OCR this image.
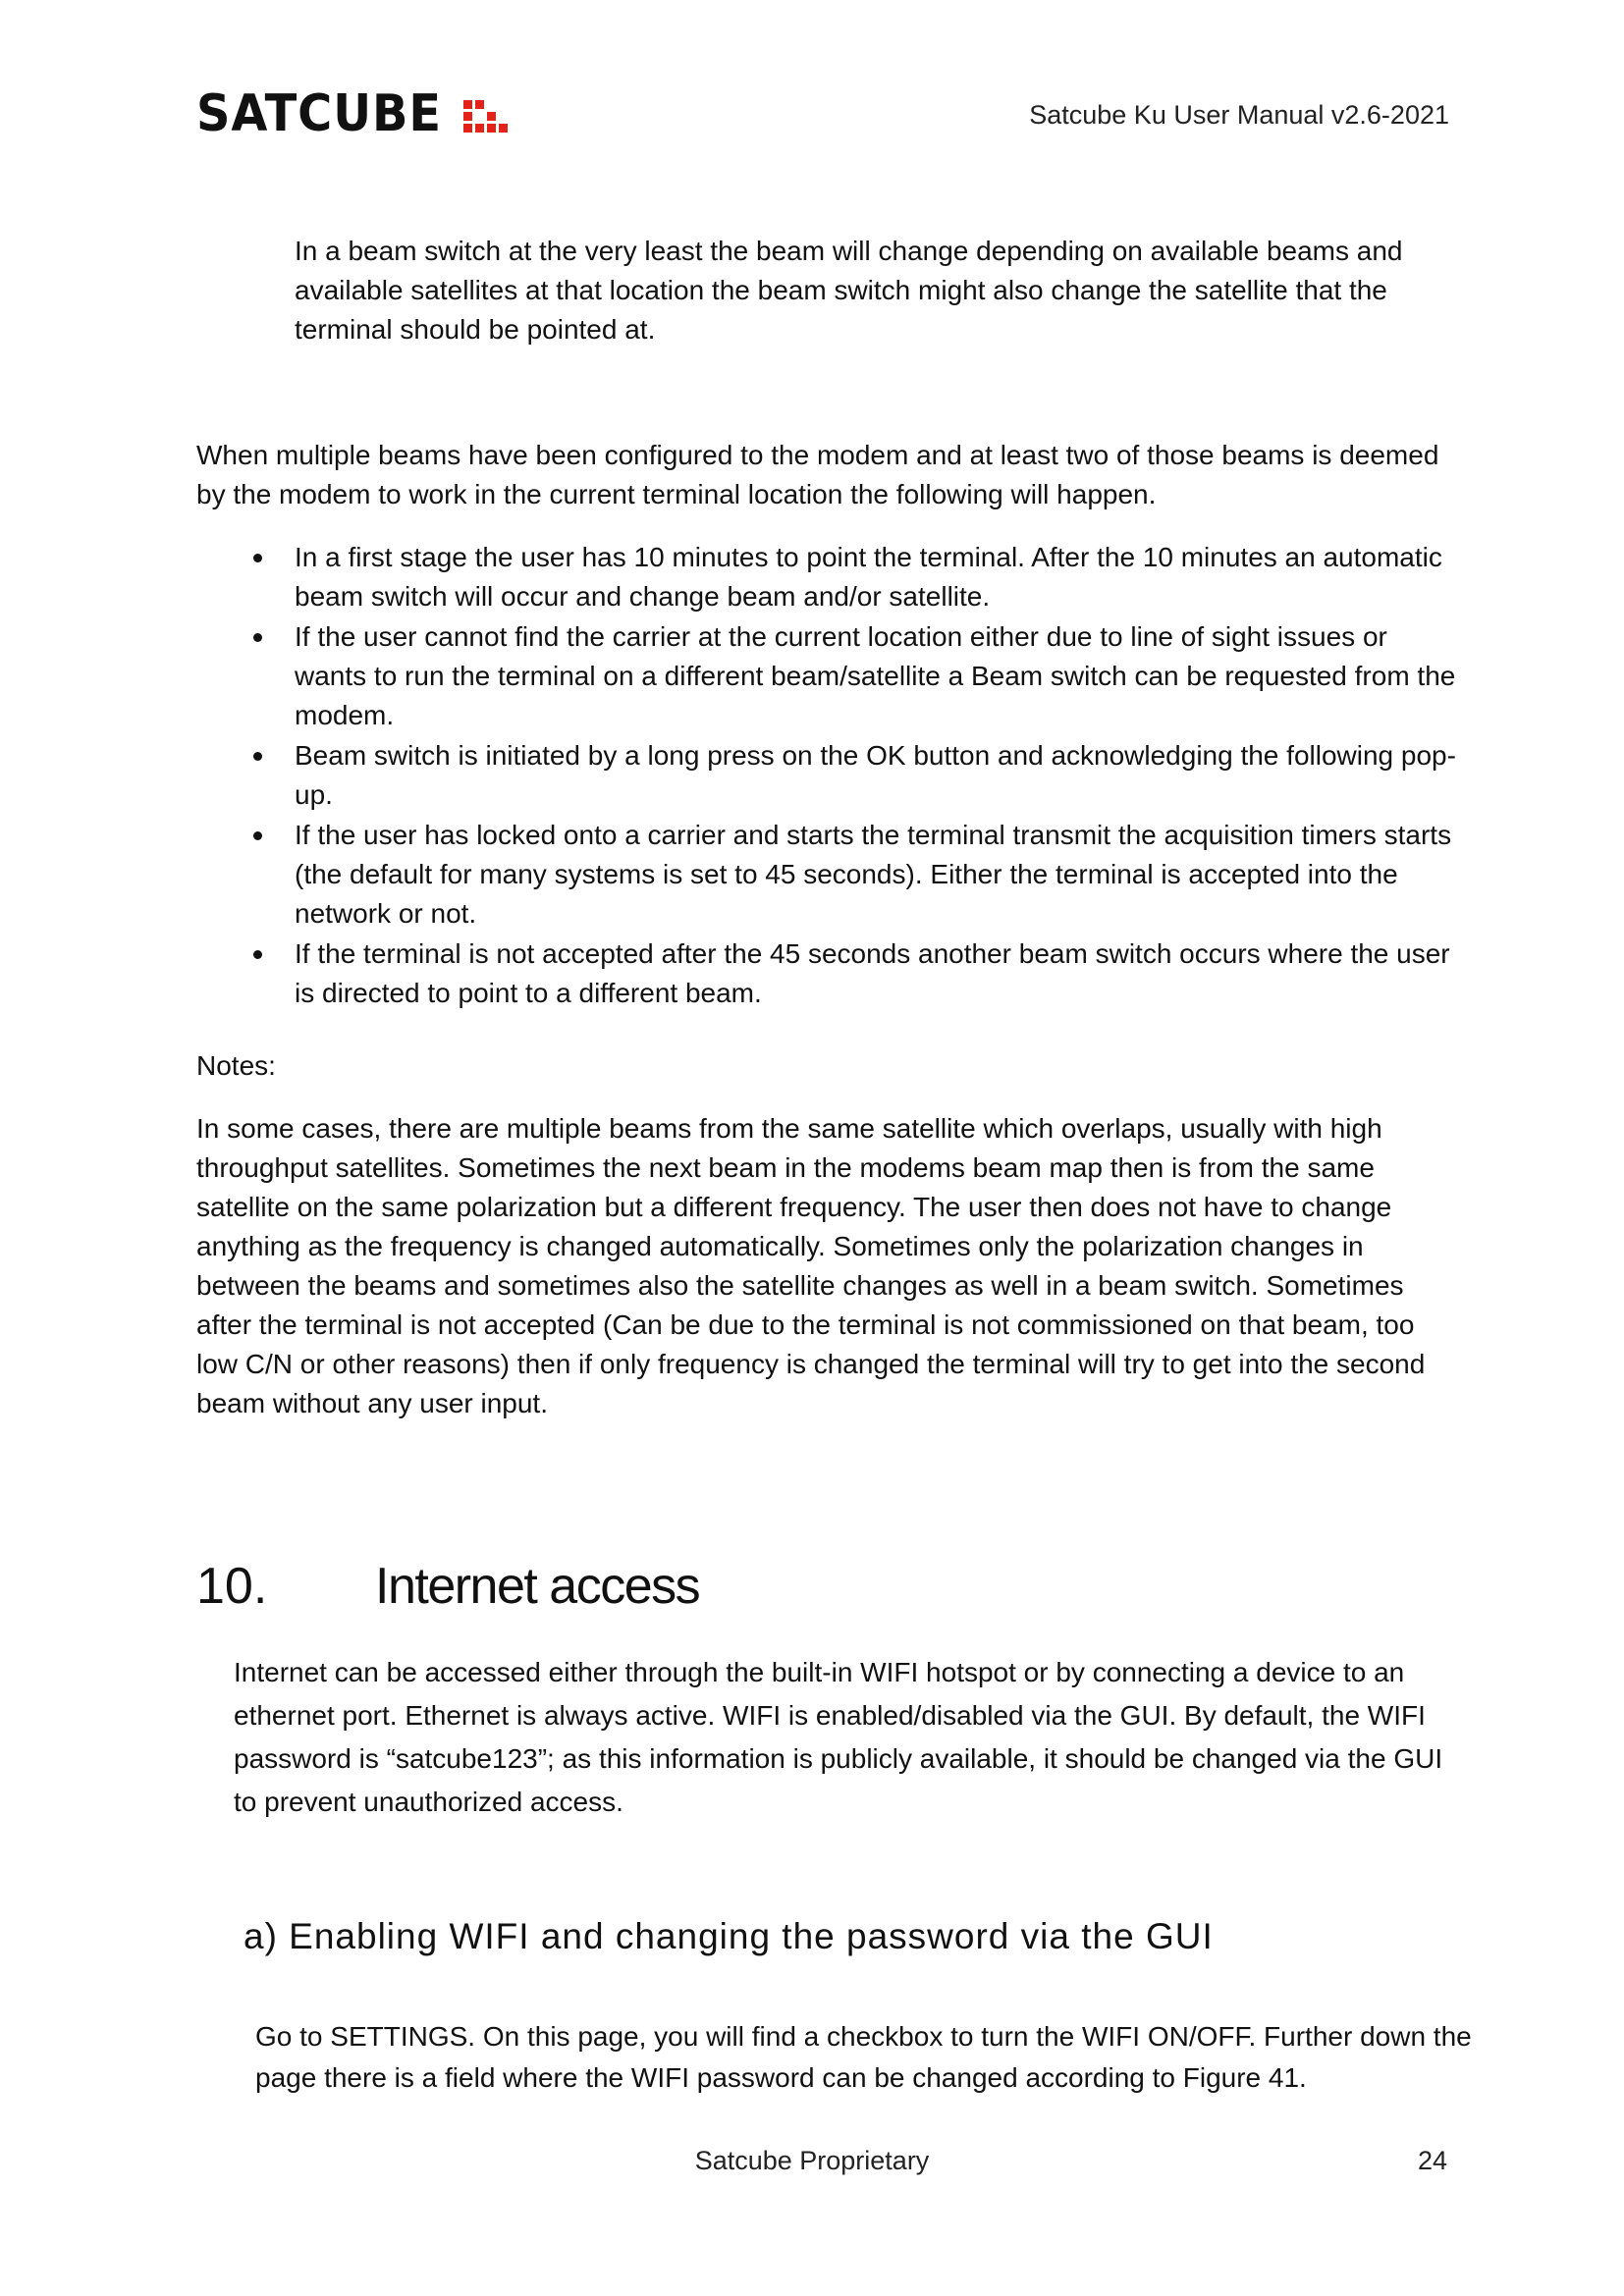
SATCUBE	Satcube Ku User Manual v2.6-2021
In a beam switch at the very least the beam will change depending on available beams and available satellites at that location the beam switch might also change the satellite that the terminal should be pointed at.
When multiple beams have been configured to the modem and at least two of those beams is deemed by the modem to work in the current terminal location the following will happen.
In a first stage the user has 10 minutes to point the terminal. After the 10 minutes an automatic beam switch will occur and change beam and/or satellite.
If the user cannot find the carrier at the current location either due to line of sight issues or wants to run the terminal on a different beam/satellite a Beam switch can be requested from the modem.
Beam switch is initiated by a long press on the OK button and acknowledging the following pop-up.
If the user has locked onto a carrier and starts the terminal transmit the acquisition timers starts (the default for many systems is set to 45 seconds). Either the terminal is accepted into the network or not.
If the terminal is not accepted after the 45 seconds another beam switch occurs where the user is directed to point to a different beam.
Notes:
In some cases, there are multiple beams from the same satellite which overlaps, usually with high throughput satellites. Sometimes the next beam in the modems beam map then is from the same satellite on the same polarization but a different frequency. The user then does not have to change anything as the frequency is changed automatically. Sometimes only the polarization changes in between the beams and sometimes also the satellite changes as well in a beam switch. Sometimes after the terminal is not accepted (Can be due to the terminal is not commissioned on that beam, too low C/N or other reasons) then if only frequency is changed the terminal will try to get into the second beam without any user input.
10. Internet access
Internet can be accessed either through the built-in WIFI hotspot or by connecting a device to an ethernet port. Ethernet is always active. WIFI is enabled/disabled via the GUI. By default, the WIFI password is “satcube123”; as this information is publicly available, it should be changed via the GUI to prevent unauthorized access.
a) Enabling WIFI and changing the password via the GUI
Go to SETTINGS. On this page, you will find a checkbox to turn the WIFI ON/OFF. Further down the page there is a field where the WIFI password can be changed according to Figure 41.
Satcube Proprietary	24
